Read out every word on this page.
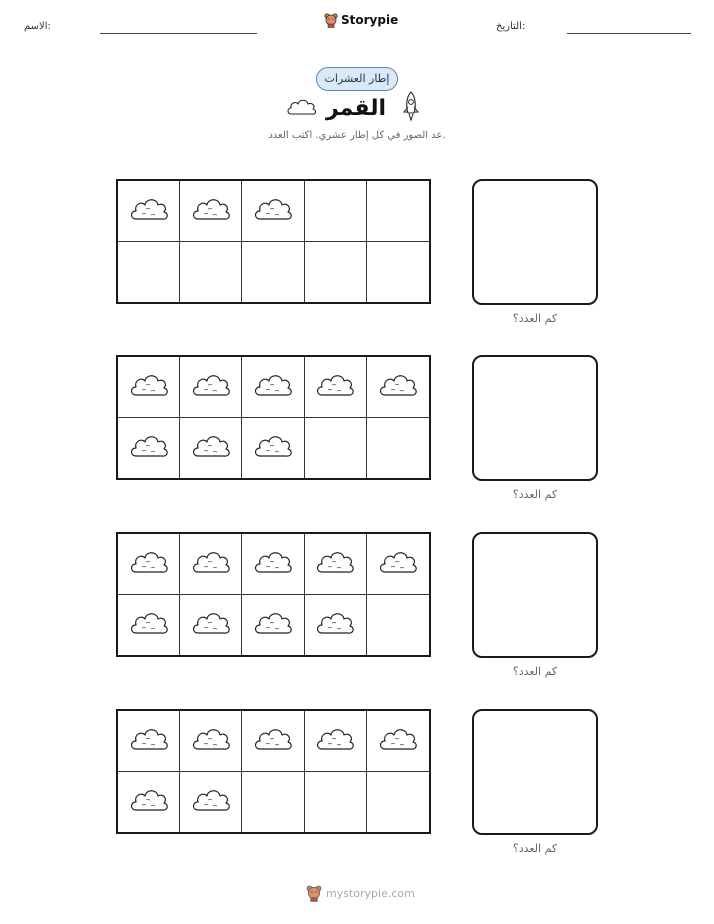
الاسم:	Storypie	التاريخ:
إطار العشرات
القمر
عد الصور في كل إطار عشري. اكتب العدد.
كم العدد؟
كم العدد؟
كم العدد؟
كم العدد؟
mystorypie.com
